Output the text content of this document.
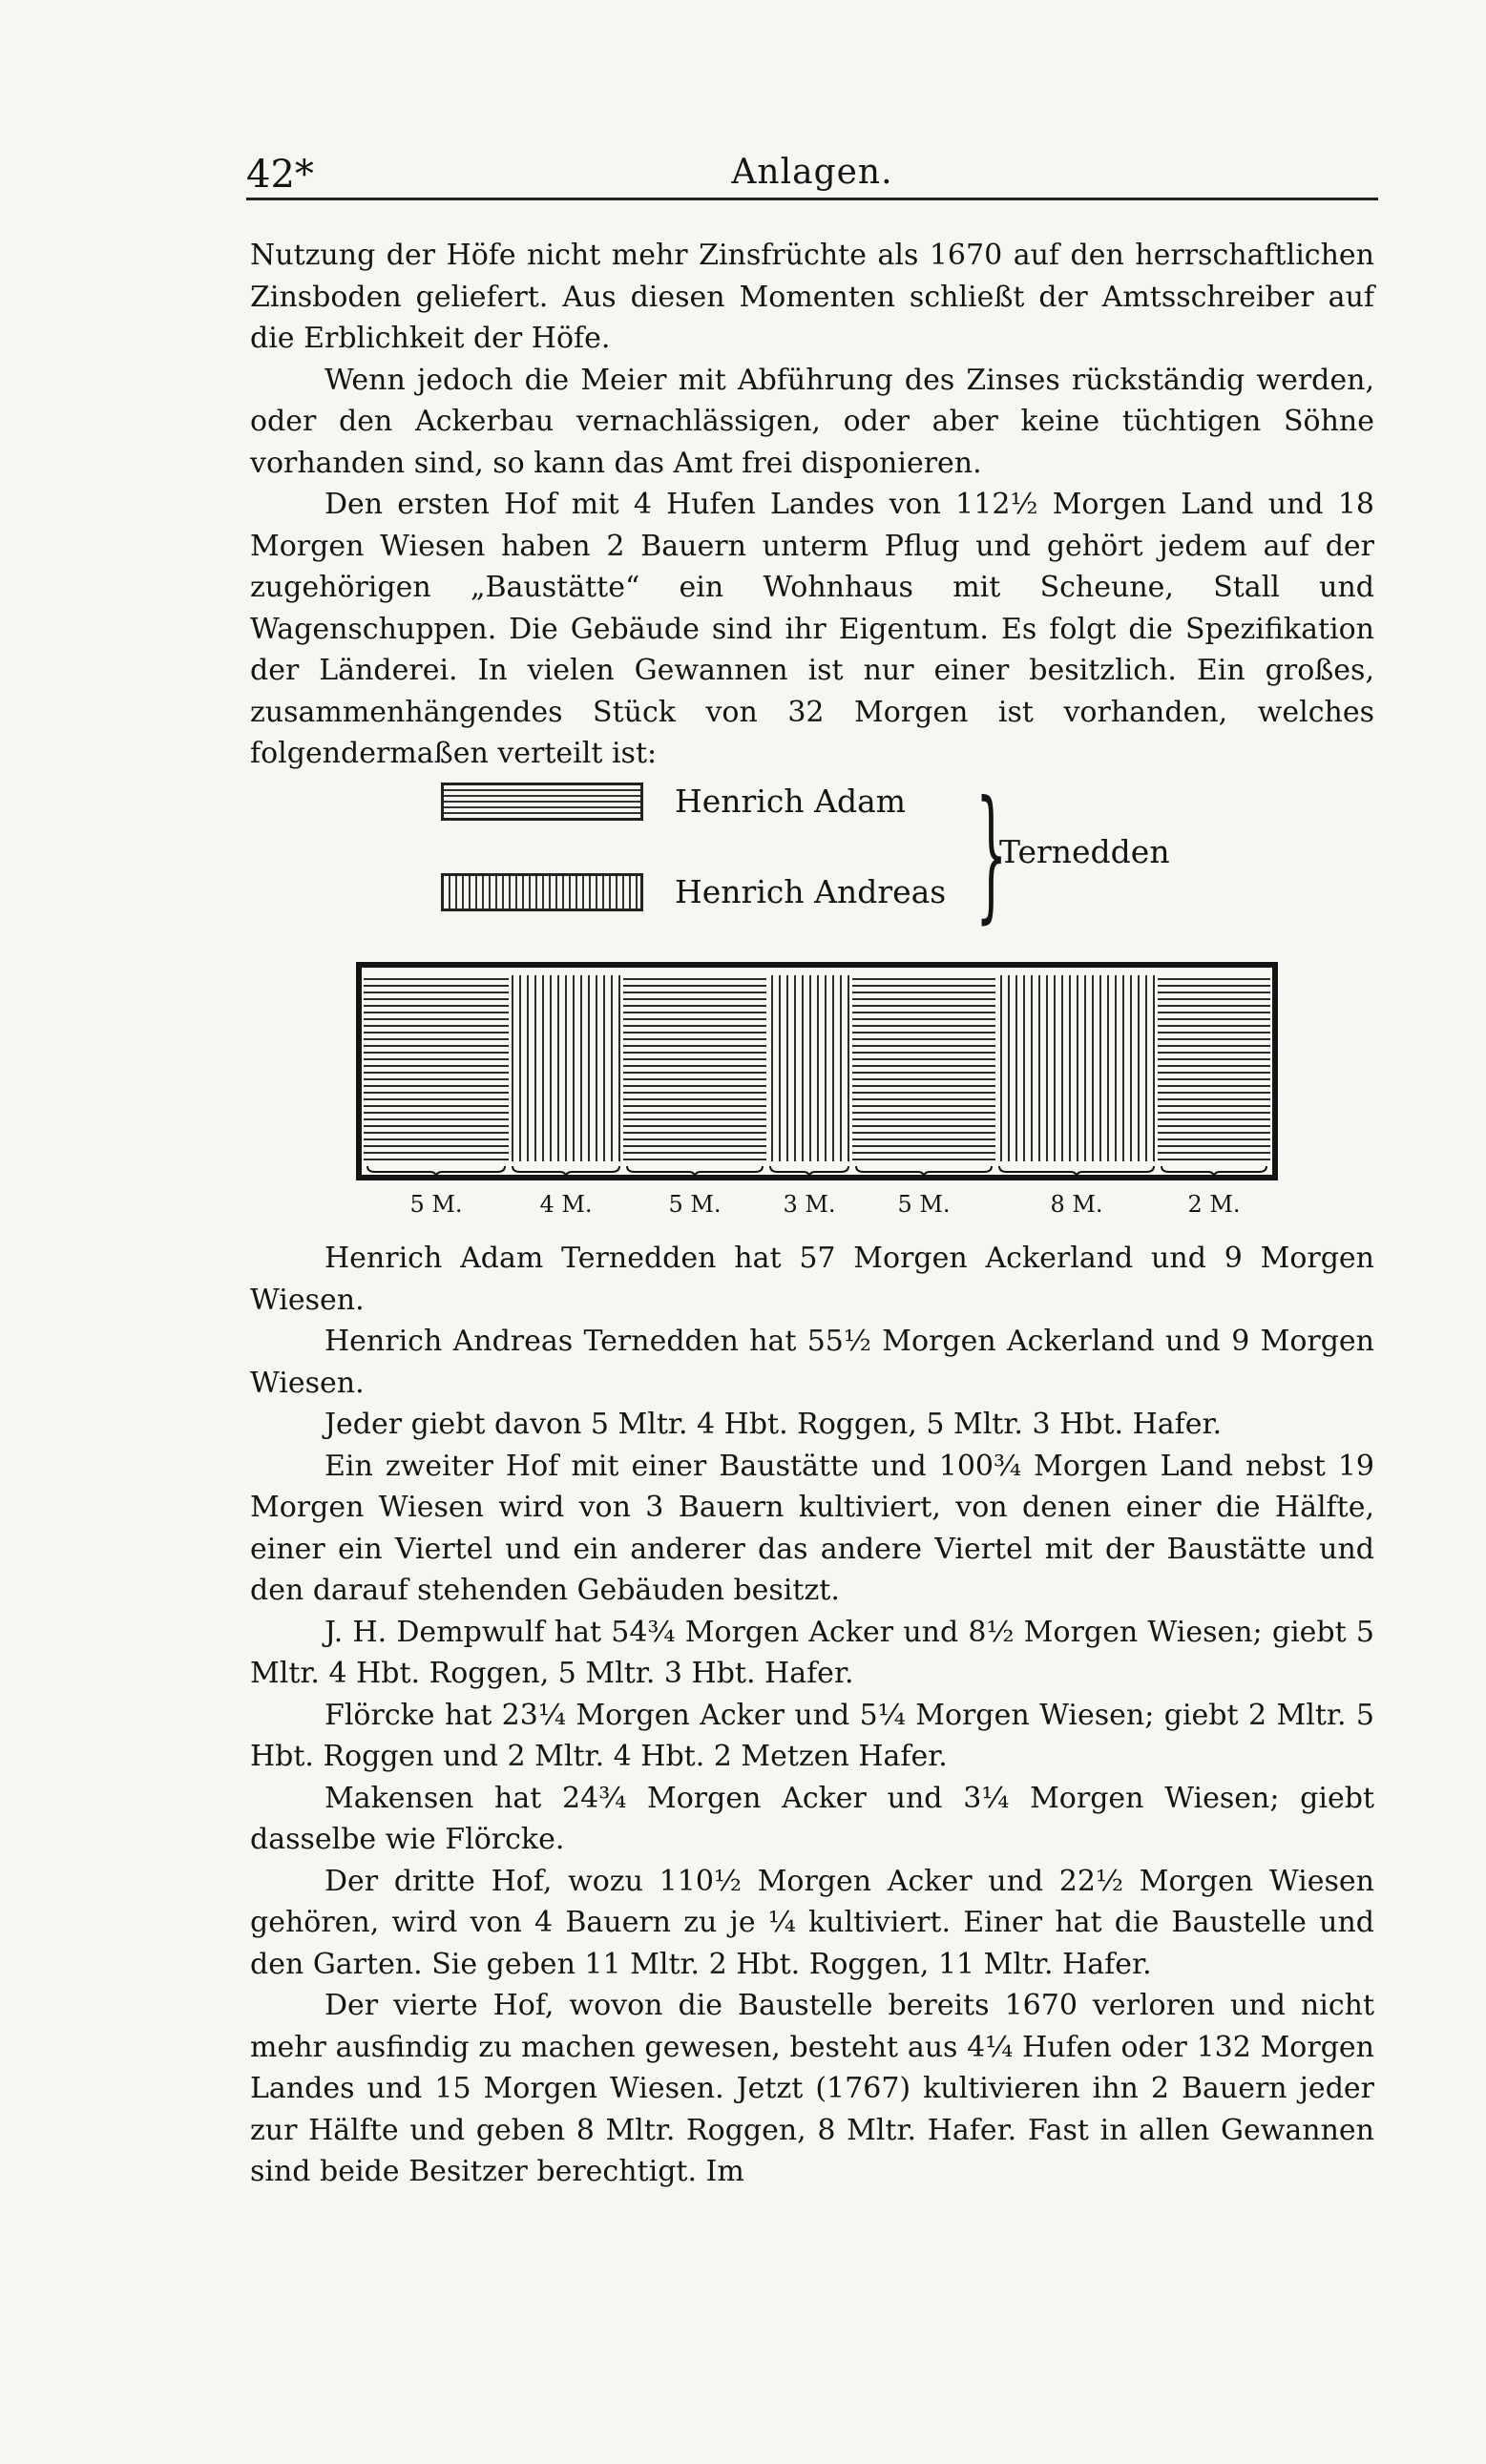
42*	Anlagen.

Nutzung der Höfe nicht mehr Zinsfrüchte als 1670 auf den herrschaftlichen Zinsboden geliefert. Aus diesen Momenten schließt der Amtsschreiber auf die Erblichkeit der Höfe.

Wenn jedoch die Meier mit Abführung des Zinses rückständig werden, oder den Ackerbau vernachlässigen, oder aber keine tüchtigen Söhne vorhanden sind, so kann das Amt frei disponieren.

Den ersten Hof mit 4 Hufen Landes von 112½ Morgen Land und 18 Morgen Wiesen haben 2 Bauern unterm Pflug und gehört jedem auf der zugehörigen „Baustätte“ ein Wohnhaus mit Scheune, Stall und Wagenschuppen. Die Gebäude sind ihr Eigentum. Es folgt die Spezifikation der Länderei. In vielen Gewannen ist nur einer besitzlich. Ein großes, zusammenhängendes Stück von 32 Morgen ist vorhanden, welches folgendermaßen verteilt ist:

Henrich Adam
Henrich Andreas }
Ternedden
5 M.	4 M.	5 M.	3 M.	5 M.	8 M.	2 M.

Henrich Adam Ternedden hat 57 Morgen Ackerland und 9 Morgen Wiesen.

Henrich Andreas Ternedden hat 55½ Morgen Ackerland und 9 Morgen Wiesen.

Jeder giebt davon 5 Mltr. 4 Hbt. Roggen, 5 Mltr. 3 Hbt. Hafer.

Ein zweiter Hof mit einer Baustätte und 100¾ Morgen Land nebst 19 Morgen Wiesen wird von 3 Bauern kultiviert, von denen einer die Hälfte, einer ein Viertel und ein anderer das andere Viertel mit der Baustätte und den darauf stehenden Gebäuden besitzt.

J. H. Dempwulf hat 54¾ Morgen Acker und 8½ Morgen Wiesen; giebt 5 Mltr. 4 Hbt. Roggen, 5 Mltr. 3 Hbt. Hafer.

Flörcke hat 23¼ Morgen Acker und 5¼ Morgen Wiesen; giebt 2 Mltr. 5 Hbt. Roggen und 2 Mltr. 4 Hbt. 2 Metzen Hafer.

Makensen hat 24¾ Morgen Acker und 3¼ Morgen Wiesen; giebt dasselbe wie Flörcke.

Der dritte Hof, wozu 110½ Morgen Acker und 22½ Morgen Wiesen gehören, wird von 4 Bauern zu je ¼ kultiviert. Einer hat die Baustelle und den Garten. Sie geben 11 Mltr. 2 Hbt. Roggen, 11 Mltr. Hafer.

Der vierte Hof, wovon die Baustelle bereits 1670 verloren und nicht mehr ausfindig zu machen gewesen, besteht aus 4¼ Hufen oder 132 Morgen Landes und 15 Morgen Wiesen. Jetzt (1767) kultivieren ihn 2 Bauern jeder zur Hälfte und geben 8 Mltr. Roggen, 8 Mltr. Hafer. Fast in allen Gewannen sind beide Besitzer berechtigt. Im
